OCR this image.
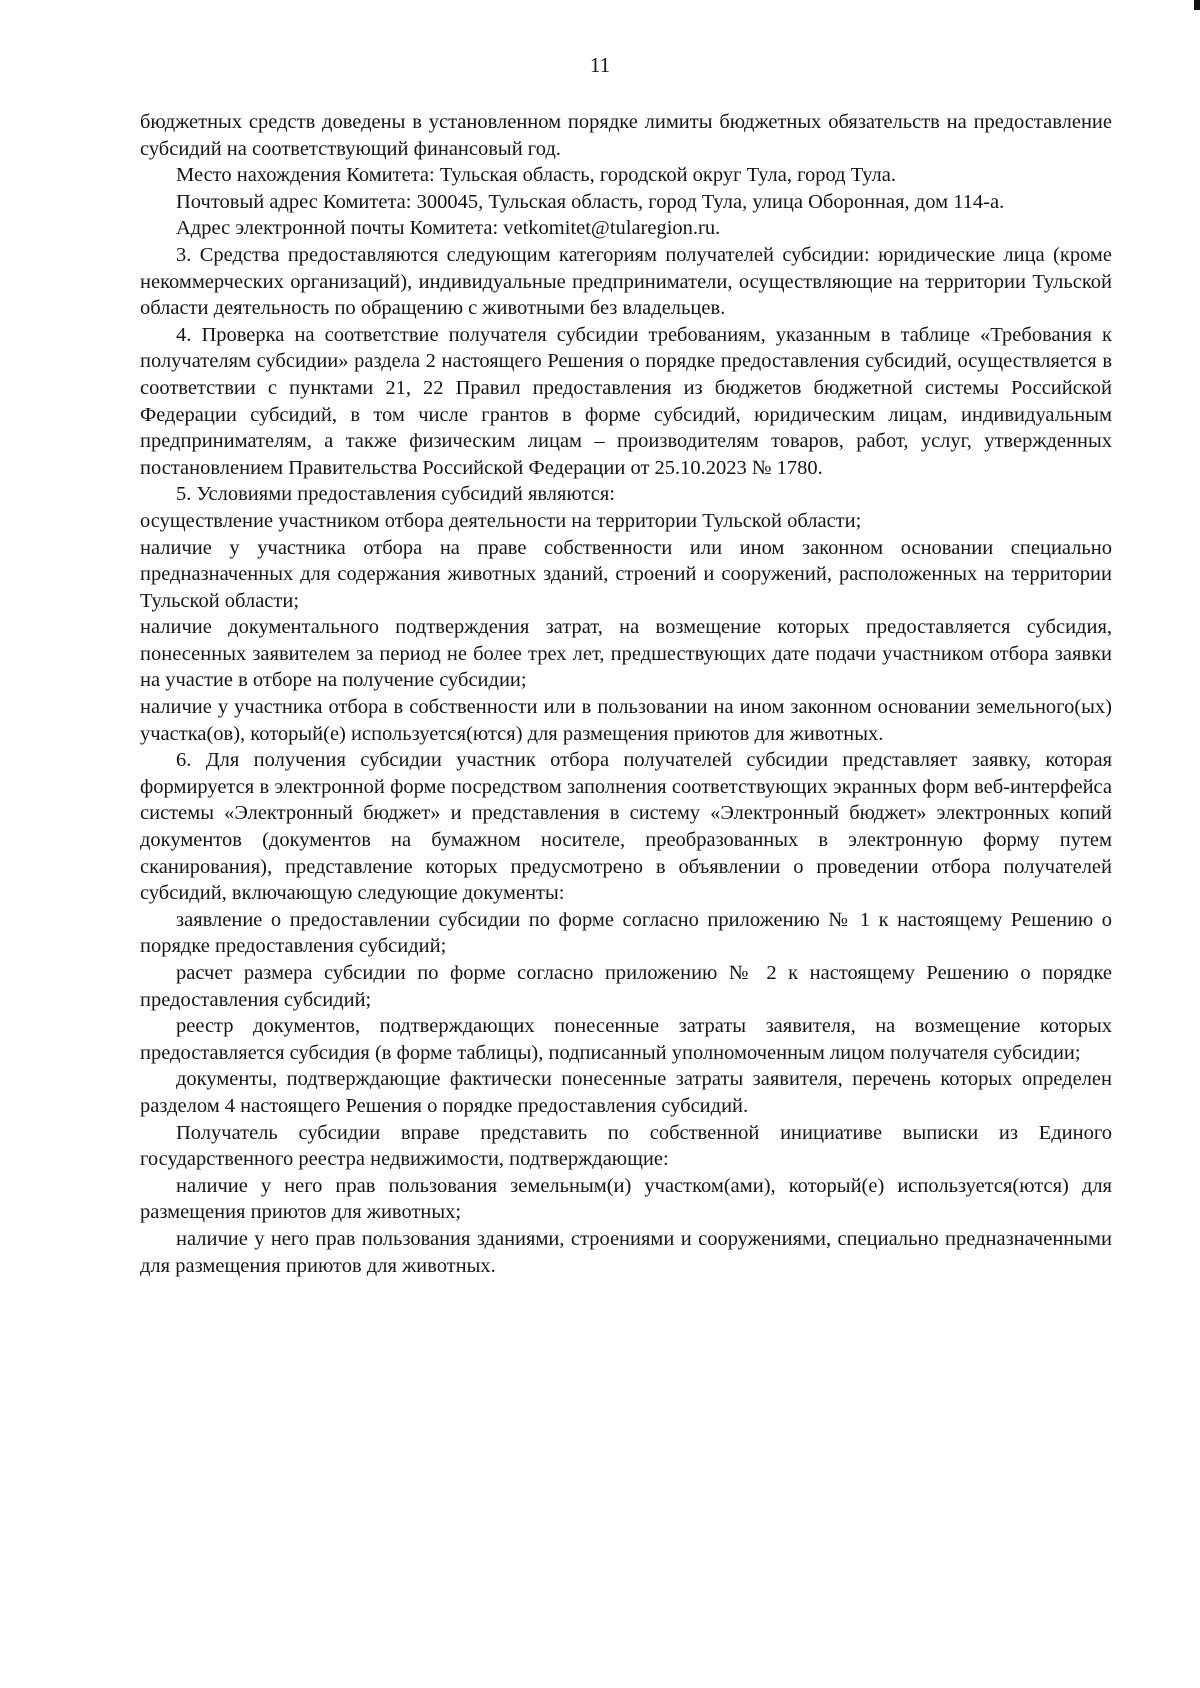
11

бюджетных средств доведены в установленном порядке лимиты бюджетных обязательств на предоставление субсидий на соответствующий финансовый год.

Место нахождения Комитета: Тульская область, городской округ Тула, город Тула.

Почтовый адрес Комитета: 300045, Тульская область, город Тула, улица Оборонная, дом 114-а.

Адрес электронной почты Комитета: vetkomitet@tularegion.ru.

3. Средства предоставляются следующим категориям получателей субсидии: юридические лица (кроме некоммерческих организаций), индивидуальные предприниматели, осуществляющие на территории Тульской области деятельность по обращению с животными без владельцев.

4. Проверка на соответствие получателя субсидии требованиям, указанным в таблице «Требования к получателям субсидии» раздела 2 настоящего Решения о порядке предоставления субсидий, осуществляется в соответствии с пунктами 21, 22 Правил предоставления из бюджетов бюджетной системы Российской Федерации субсидий, в том числе грантов в форме субсидий, юридическим лицам, индивидуальным предпринимателям, а также физическим лицам – производителям товаров, работ, услуг, утвержденных постановлением Правительства Российской Федерации от 25.10.2023 № 1780.

5. Условиями предоставления субсидий являются:

осуществление участником отбора деятельности на территории Тульской области;

наличие у участника отбора на праве собственности или ином законном основании специально предназначенных для содержания животных зданий, строений и сооружений, расположенных на территории Тульской области;

наличие документального подтверждения затрат, на возмещение которых предоставляется субсидия, понесенных заявителем за период не более трех лет, предшествующих дате подачи участником отбора заявки на участие в отборе на получение субсидии;

наличие у участника отбора в собственности или в пользовании на ином законном основании земельного(ых) участка(ов), который(е) используется(ются) для размещения приютов для животных.

6. Для получения субсидии участник отбора получателей субсидии представляет заявку, которая формируется в электронной форме посредством заполнения соответствующих экранных форм веб-интерфейса системы «Электронный бюджет» и представления в систему «Электронный бюджет» электронных копий документов (документов на бумажном носителе, преобразованных в электронную форму путем сканирования), представление которых предусмотрено в объявлении о проведении отбора получателей субсидий, включающую следующие документы:

заявление о предоставлении субсидии по форме согласно приложению № 1 к настоящему Решению о порядке предоставления субсидий;

расчет размера субсидии по форме согласно приложению № 2 к настоящему Решению о порядке предоставления субсидий;

реестр документов, подтверждающих понесенные затраты заявителя, на возмещение которых предоставляется субсидия (в форме таблицы), подписанный уполномоченным лицом получателя субсидии;

документы, подтверждающие фактически понесенные затраты заявителя, перечень которых определен разделом 4 настоящего Решения о порядке предоставления субсидий.

Получатель субсидии вправе представить по собственной инициативе выписки из Единого государственного реестра недвижимости, подтверждающие:

наличие у него прав пользования земельным(и) участком(ами), который(е) используется(ются) для размещения приютов для животных;

наличие у него прав пользования зданиями, строениями и сооружениями, специально предназначенными для размещения приютов для животных.
